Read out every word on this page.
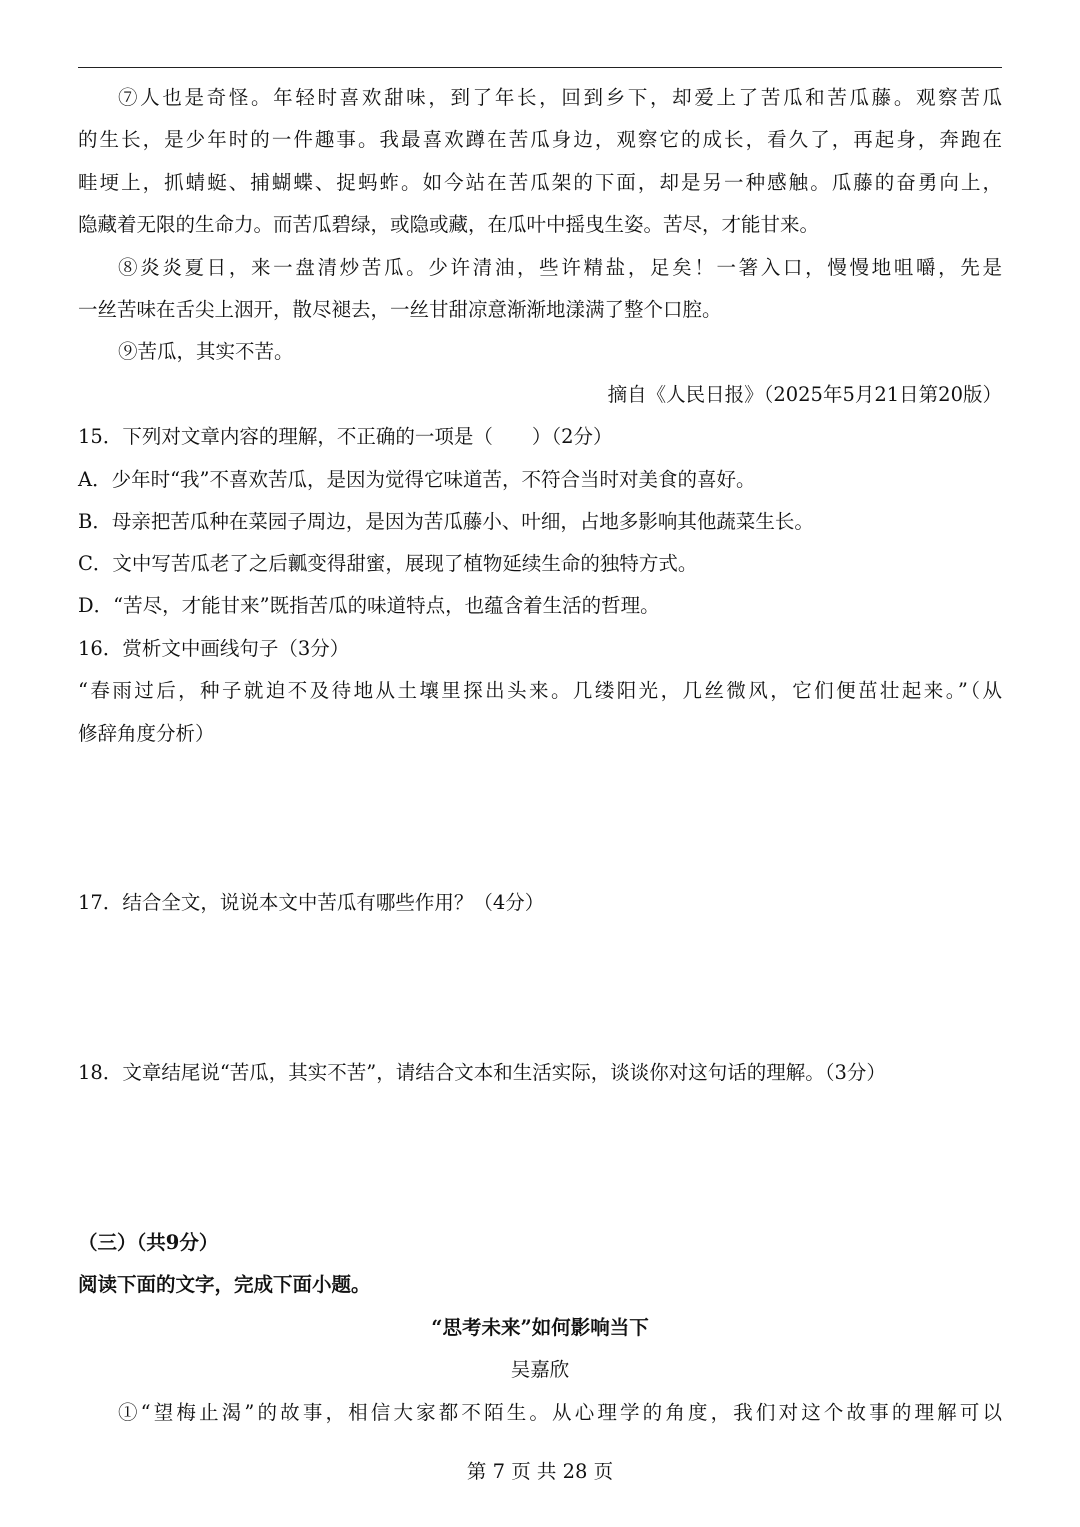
⑦人也是奇怪。年轻时喜欢甜味，到了年长，回到乡下，却爱上了苦瓜和苦瓜藤。观察苦瓜
的生长，是少年时的一件趣事。我最喜欢蹲在苦瓜身边，观察它的成长，看久了，再起身，奔跑在
畦埂上，抓蜻蜓、捕蝴蝶、捉蚂蚱。如今站在苦瓜架的下面，却是另一种感触。瓜藤的奋勇向上，
隐藏着无限的生命力。而苦瓜碧绿，或隐或藏，在瓜叶中摇曳生姿。苦尽，才能甘来。
⑧炎炎夏日，来一盘清炒苦瓜。少许清油，些许精盐，足矣！一箸入口，慢慢地咀嚼，先是
一丝苦味在舌尖上洇开，散尽褪去，一丝甘甜凉意渐渐地漾满了整个口腔。
⑨苦瓜，其实不苦。
摘自《人民日报》（2025年5月21日第20版）
15．下列对文章内容的理解，不正确的一项是（　　）（2分）
A．少年时“我”不喜欢苦瓜，是因为觉得它味道苦，不符合当时对美食的喜好。
B．母亲把苦瓜种在菜园子周边，是因为苦瓜藤小、叶细，占地多影响其他蔬菜生长。
C．文中写苦瓜老了之后瓤变得甜蜜，展现了植物延续生命的独特方式。
D．“苦尽，才能甘来”既指苦瓜的味道特点，也蕴含着生活的哲理。
16．赏析文中画线句子（3分）
“春雨过后，种子就迫不及待地从土壤里探出头来。几缕阳光，几丝微风，它们便茁壮起来。”（从
修辞角度分析）
17．结合全文，说说本文中苦瓜有哪些作用？（4分）
18．文章结尾说“苦瓜，其实不苦”，请结合文本和生活实际，谈谈你对这句话的理解。（3分）
（三）（共9分）
阅读下面的文字，完成下面小题。
“思考未来”如何影响当下
吴嘉欣
①“望梅止渴”的故事，相信大家都不陌生。从心理学的角度，我们对这个故事的理解可以
第 7 页 共 28 页
